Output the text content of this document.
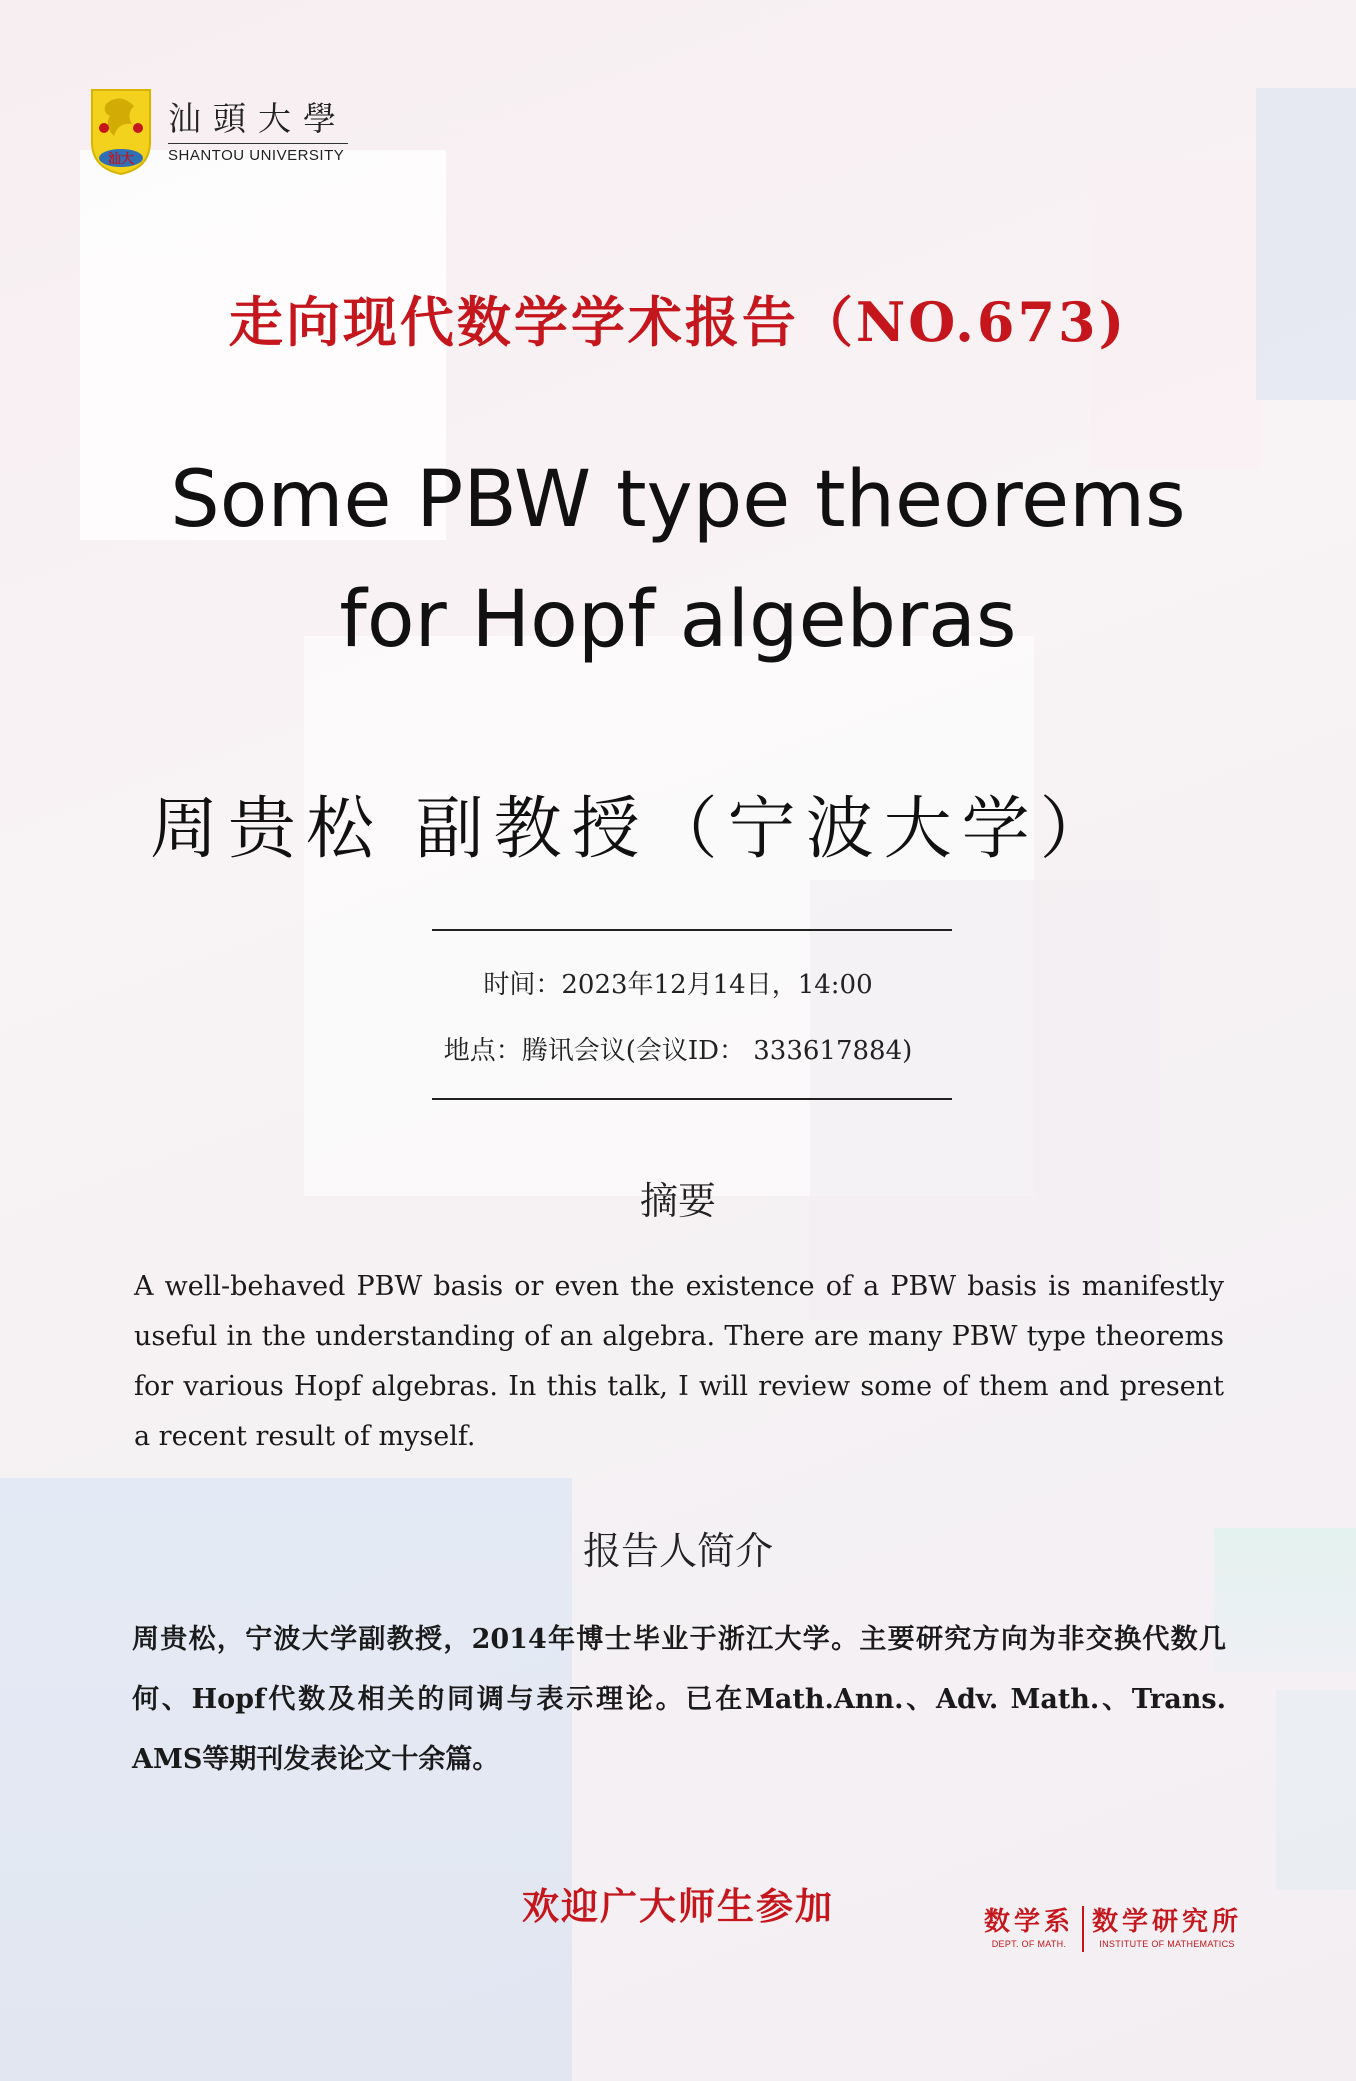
汕大
汕頭大學
SHANTOU UNIVERSITY
走向现代数学学术报告（NO.673)
Some PBW type theorems
for Hopf algebras
周贵松 副教授（宁波大学）
时间：2023年12月14日，14:00
地点：腾讯会议(会议ID： 333617884)
摘要
A well-behaved PBW basis or even the existence of a PBW basis is manifestly useful in the understanding of an algebra. There are many PBW type theorems for various Hopf algebras. In this talk, I will review some of them and present a recent result of myself.
报告人简介
周贵松，宁波大学副教授，2014年博士毕业于浙江大学。主要研究方向为非交换代数几何、Hopf代数及相关的同调与表示理论。已在Math.Ann.、Adv. Math.、Trans. AMS等期刊发表论文十余篇。
欢迎广大师生参加	数学系
DEPT. OF MATH.
数学研究所
INSTITUTE OF MATHEMATICS
